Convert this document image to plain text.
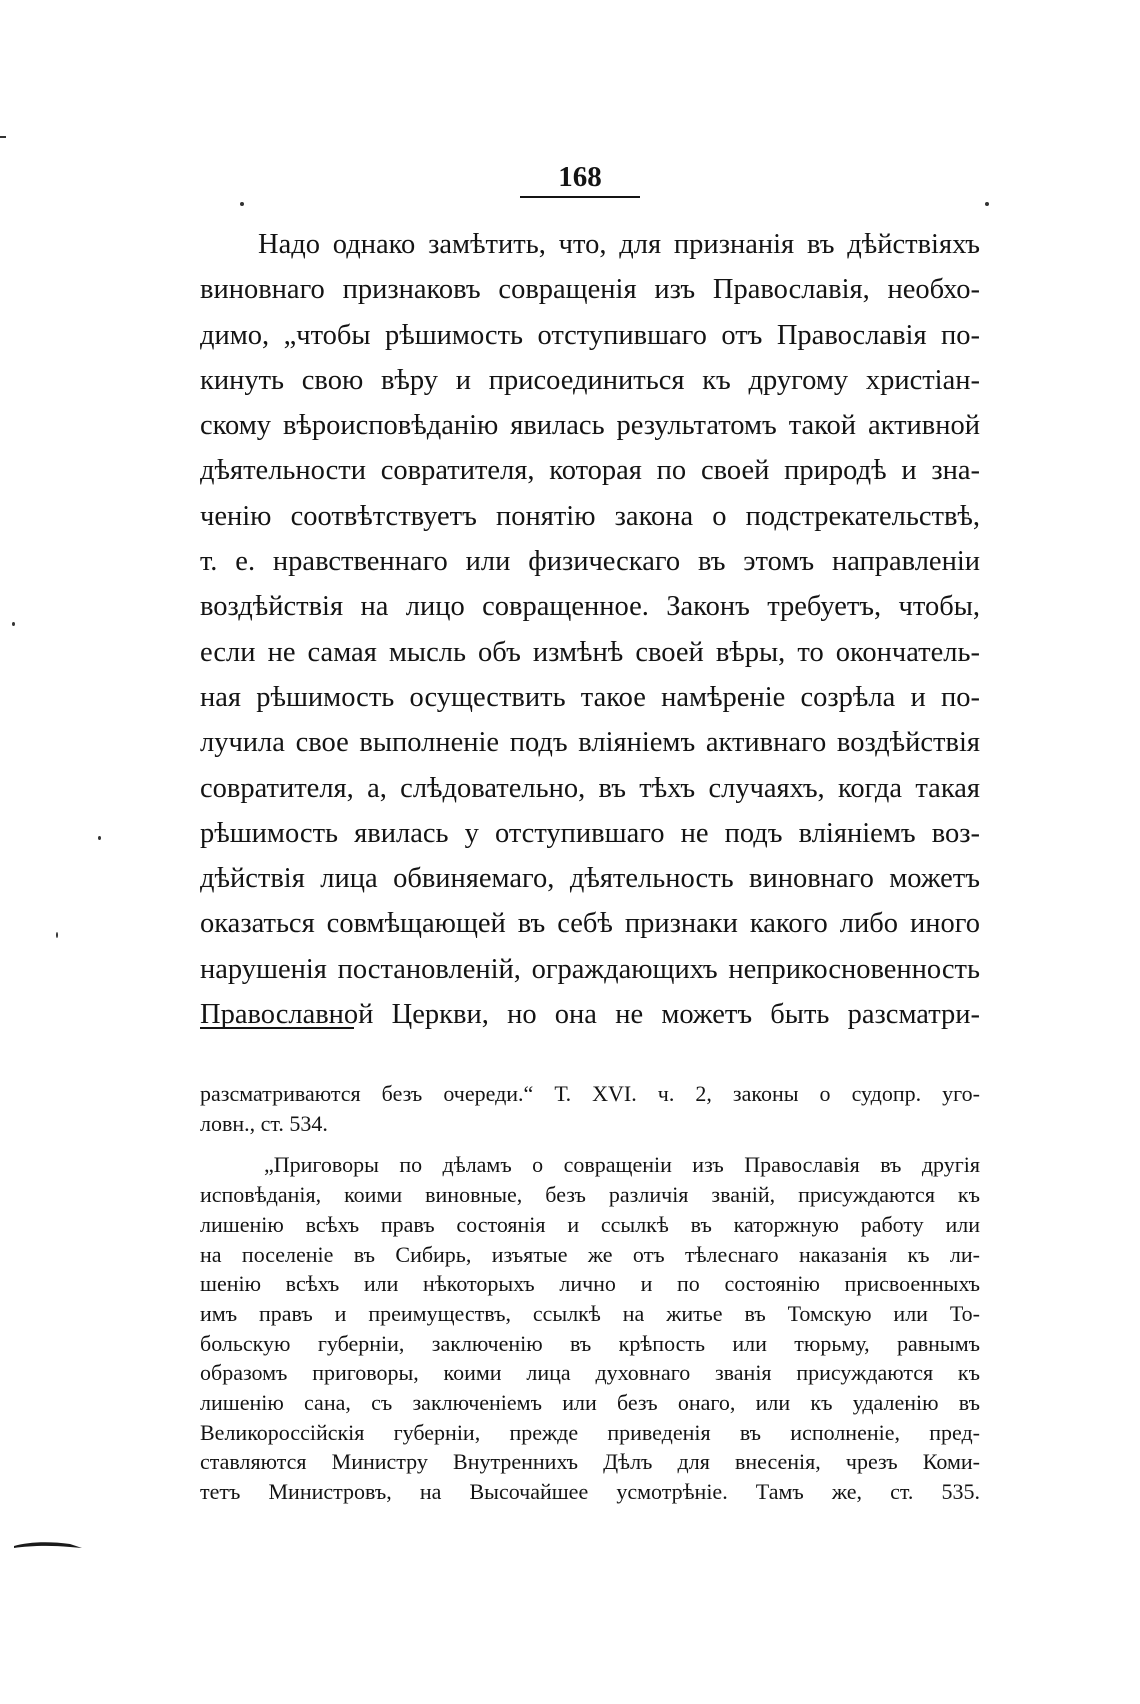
168
Надо однако замѣтить, что, для признанія въ дѣйствіяхъ
виновнаго признаковъ совращенія изъ Православія, необхо-
димо, „чтобы рѣшимость отступившаго отъ Православія по-
кинуть свою вѣру и присоединиться къ другому христіан-
скому вѣроисповѣданію явилась результатомъ такой активной
дѣятельности совратителя, которая по своей природѣ и зна-
ченію соотвѣтствуетъ понятію закона о подстрекательствѣ,
т. е. нравственнаго или физическаго въ этомъ направленіи
воздѣйствія на лицо совращенное. Законъ требуетъ, чтобы,
если не самая мысль объ измѣнѣ своей вѣры, то окончатель-
ная рѣшимость осуществить такое намѣреніе созрѣла и по-
лучила свое выполненіе подъ вліяніемъ активнаго воздѣйствія
совратителя, а, слѣдовательно, въ тѣхъ случаяхъ, когда такая
рѣшимость явилась у отступившаго не подъ вліяніемъ воз-
дѣйствія лица обвиняемаго, дѣятельность виновнаго можетъ
оказаться совмѣщающей въ себѣ признаки какого либо иного
нарушенія постановленій, ограждающихъ неприкосновенность
Православной Церкви, но она не можетъ быть разсматри-
разсматриваются безъ очереди.“ Т. XVI. ч. 2, законы о судопр. уго-
ловн., ст. 534.
„Приговоры по дѣламъ о совращеніи изъ Православія въ другія
исповѣданія, коими виновные, безъ различія званій, присуждаются къ
лишенію всѣхъ правъ состоянія и ссылкѣ въ каторжную работу или
на поселеніе въ Сибирь, изъятые же отъ тѣлеснаго наказанія къ ли-
шенію всѣхъ или нѣкоторыхъ лично и по состоянію присвоенныхъ
имъ правъ и преимуществъ, ссылкѣ на житье въ Томскую или То-
больскую губерніи, заключенію въ крѣпость или тюрьму, равнымъ
образомъ приговоры, коими лица духовнаго званія присуждаются къ
лишенію сана, съ заключеніемъ или безъ онаго, или къ удаленію въ
Великороссійскія губерніи, прежде приведенія въ исполненіе, пред-
ставляются Министру Внутреннихъ Дѣлъ для внесенія, чрезъ Коми-
тетъ Министровъ, на Высочайшее усмотрѣніе. Тамъ же, ст. 535.
